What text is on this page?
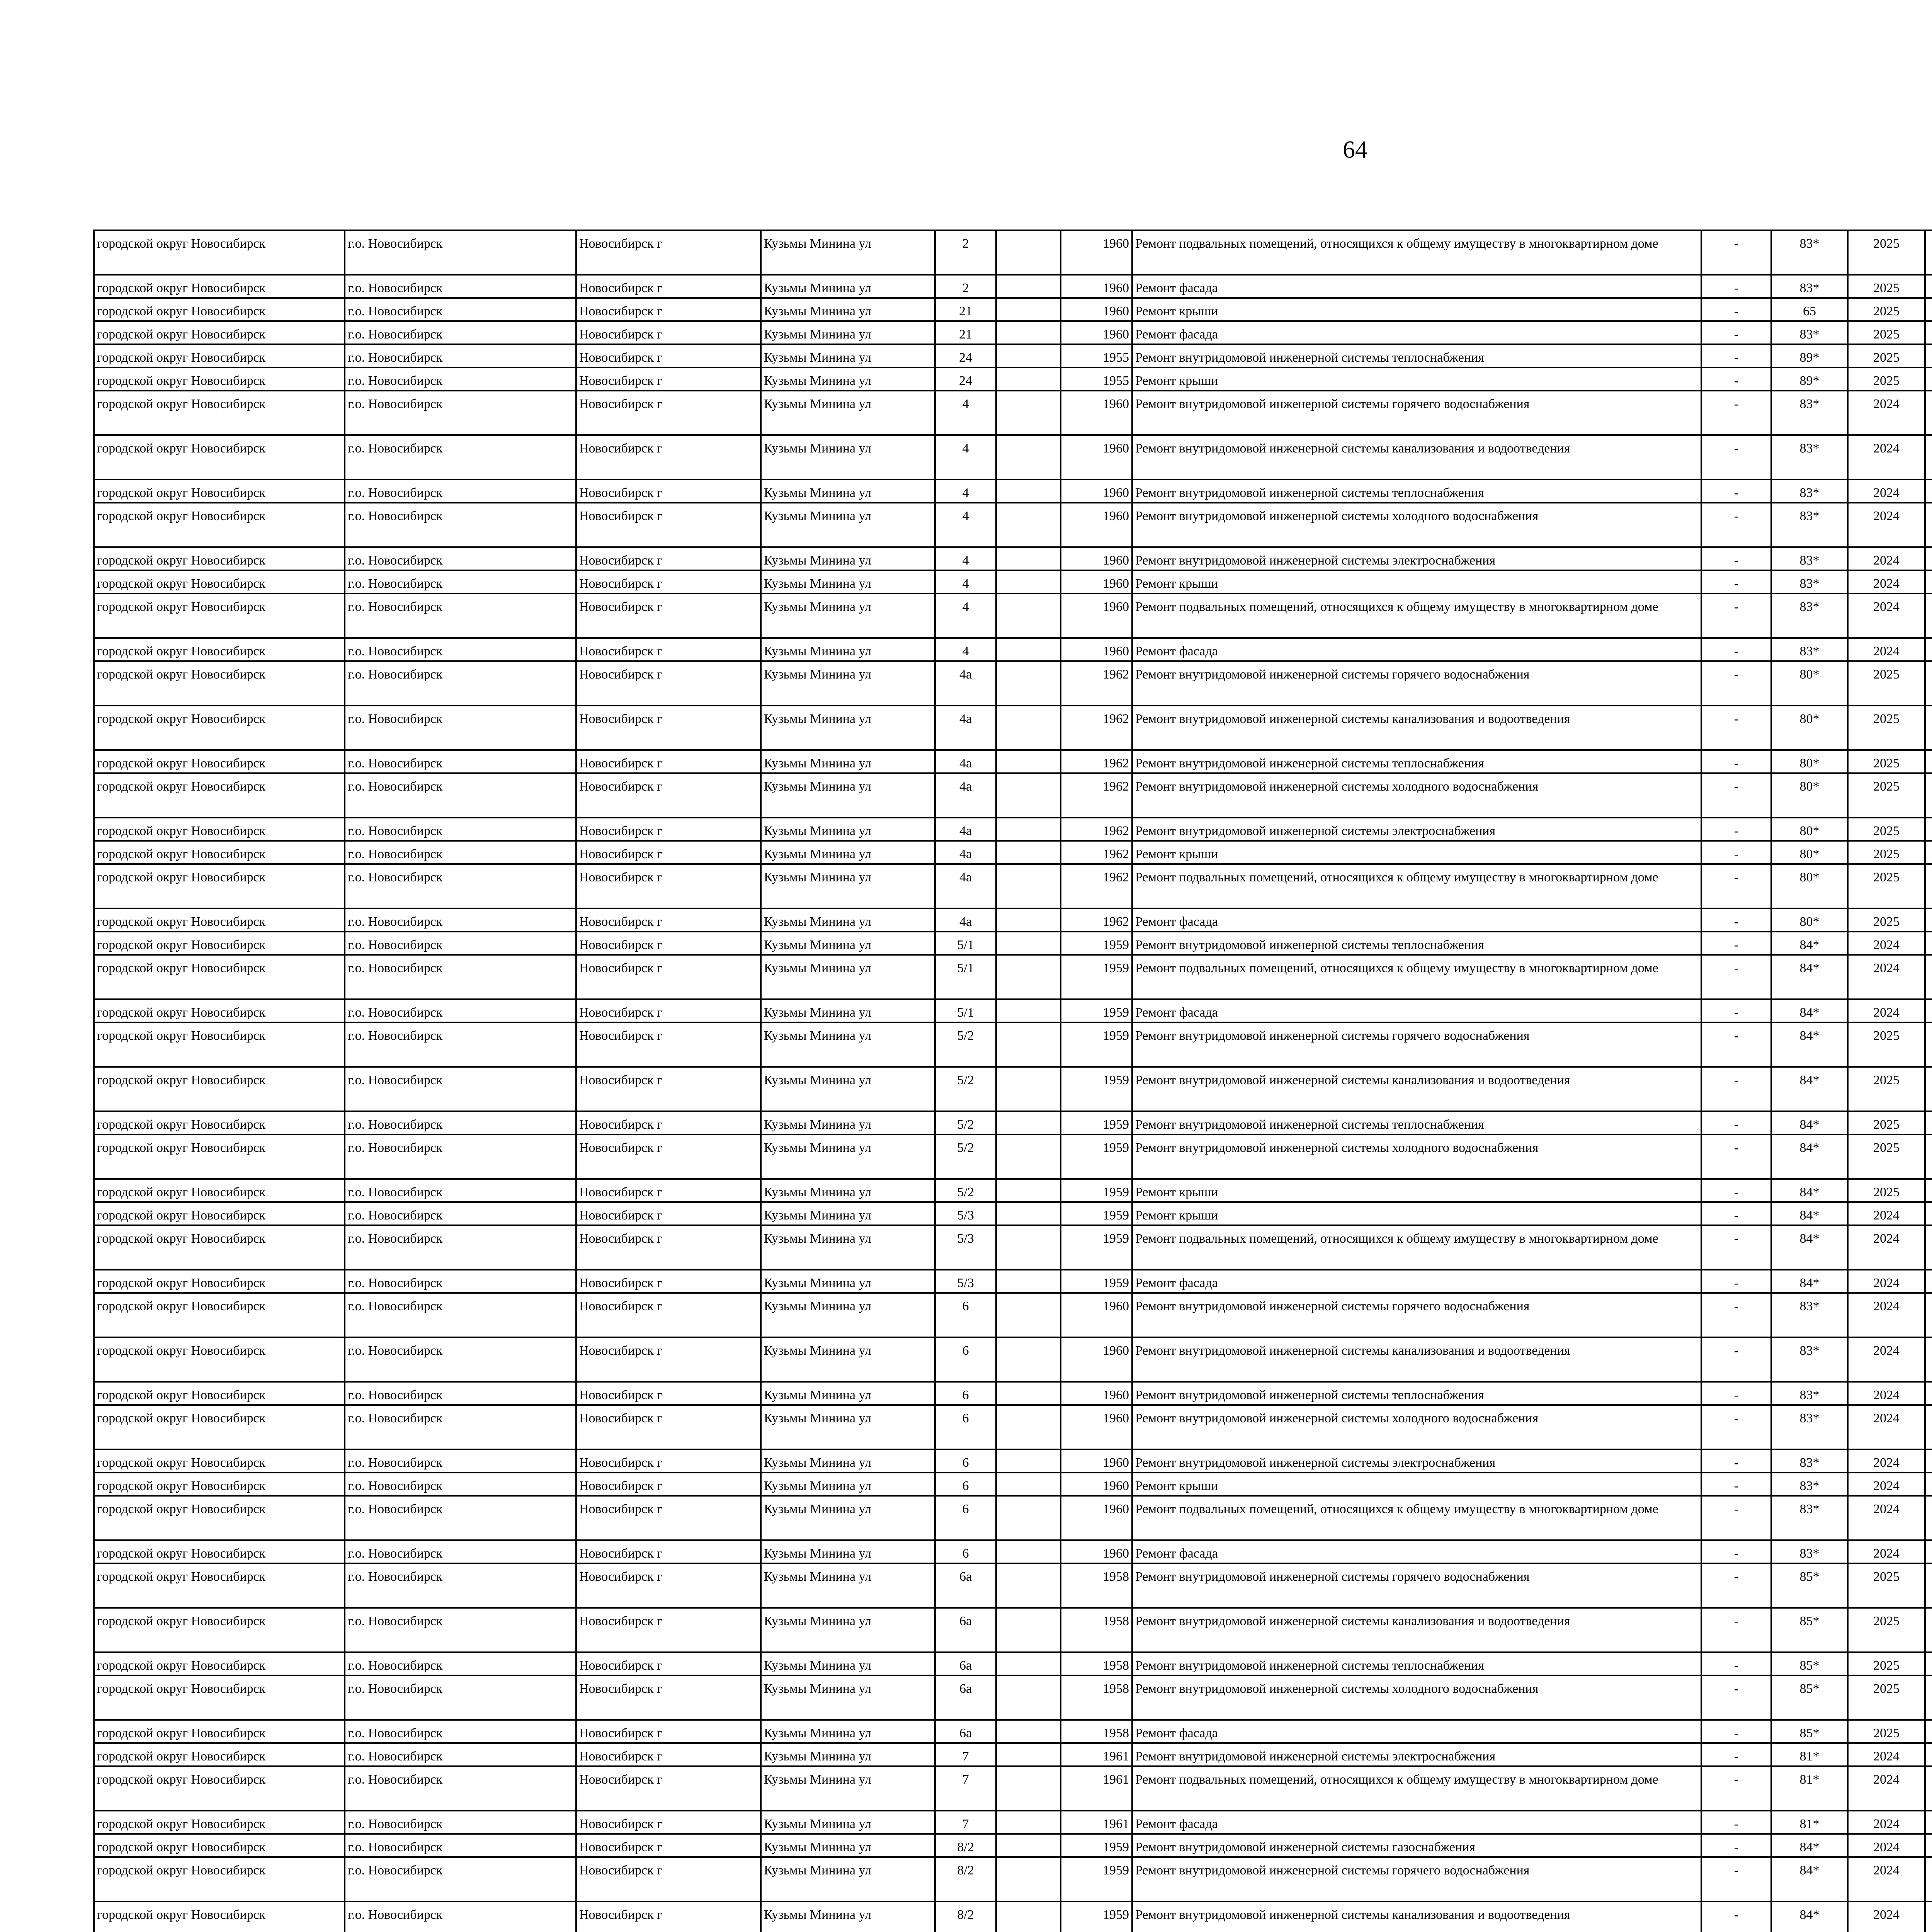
64
городской округ Новосибирск	г.о. Новосибирск	Новосибирск г	Кузьмы Минина ул	2		1960	Ремонт подвальных помещений, относящихся к общему имуществу в многоквартирном доме	-	83*	2025								
городской округ Новосибирск	г.о. Новосибирск	Новосибирск г	Кузьмы Минина ул	2		1960	Ремонт фасада	-	83*	2025								
городской округ Новосибирск	г.о. Новосибирск	Новосибирск г	Кузьмы Минина ул	21		1960	Ремонт крыши	-	65	2025								
городской округ Новосибирск	г.о. Новосибирск	Новосибирск г	Кузьмы Минина ул	21		1960	Ремонт фасада	-	83*	2025								
городской округ Новосибирск	г.о. Новосибирск	Новосибирск г	Кузьмы Минина ул	24		1955	Ремонт внутридомовой инженерной системы теплоснабжения	-	89*	2025								
городской округ Новосибирск	г.о. Новосибирск	Новосибирск г	Кузьмы Минина ул	24		1955	Ремонт крыши	-	89*	2025								
городской округ Новосибирск	г.о. Новосибирск	Новосибирск г	Кузьмы Минина ул	4		1960	Ремонт внутридомовой инженерной системы горячего водоснабжения	-	83*	2024								
городской округ Новосибирск	г.о. Новосибирск	Новосибирск г	Кузьмы Минина ул	4		1960	Ремонт внутридомовой инженерной системы канализования и водоотведения	-	83*	2024								
городской округ Новосибирск	г.о. Новосибирск	Новосибирск г	Кузьмы Минина ул	4		1960	Ремонт внутридомовой инженерной системы теплоснабжения	-	83*	2024								
городской округ Новосибирск	г.о. Новосибирск	Новосибирск г	Кузьмы Минина ул	4		1960	Ремонт внутридомовой инженерной системы холодного водоснабжения	-	83*	2024								
городской округ Новосибирск	г.о. Новосибирск	Новосибирск г	Кузьмы Минина ул	4		1960	Ремонт внутридомовой инженерной системы электроснабжения	-	83*	2024								
городской округ Новосибирск	г.о. Новосибирск	Новосибирск г	Кузьмы Минина ул	4		1960	Ремонт крыши	-	83*	2024								
городской округ Новосибирск	г.о. Новосибирск	Новосибирск г	Кузьмы Минина ул	4		1960	Ремонт подвальных помещений, относящихся к общему имуществу в многоквартирном доме	-	83*	2024								
городской округ Новосибирск	г.о. Новосибирск	Новосибирск г	Кузьмы Минина ул	4		1960	Ремонт фасада	-	83*	2024								
городской округ Новосибирск	г.о. Новосибирск	Новосибирск г	Кузьмы Минина ул	4а		1962	Ремонт внутридомовой инженерной системы горячего водоснабжения	-	80*	2025								
городской округ Новосибирск	г.о. Новосибирск	Новосибирск г	Кузьмы Минина ул	4а		1962	Ремонт внутридомовой инженерной системы канализования и водоотведения	-	80*	2025								
городской округ Новосибирск	г.о. Новосибирск	Новосибирск г	Кузьмы Минина ул	4а		1962	Ремонт внутридомовой инженерной системы теплоснабжения	-	80*	2025								
городской округ Новосибирск	г.о. Новосибирск	Новосибирск г	Кузьмы Минина ул	4а		1962	Ремонт внутридомовой инженерной системы холодного водоснабжения	-	80*	2025								
городской округ Новосибирск	г.о. Новосибирск	Новосибирск г	Кузьмы Минина ул	4а		1962	Ремонт внутридомовой инженерной системы электроснабжения	-	80*	2025								
городской округ Новосибирск	г.о. Новосибирск	Новосибирск г	Кузьмы Минина ул	4а		1962	Ремонт крыши	-	80*	2025								
городской округ Новосибирск	г.о. Новосибирск	Новосибирск г	Кузьмы Минина ул	4а		1962	Ремонт подвальных помещений, относящихся к общему имуществу в многоквартирном доме	-	80*	2025								
городской округ Новосибирск	г.о. Новосибирск	Новосибирск г	Кузьмы Минина ул	4а		1962	Ремонт фасада	-	80*	2025								
городской округ Новосибирск	г.о. Новосибирск	Новосибирск г	Кузьмы Минина ул	5/1		1959	Ремонт внутридомовой инженерной системы теплоснабжения	-	84*	2024								
городской округ Новосибирск	г.о. Новосибирск	Новосибирск г	Кузьмы Минина ул	5/1		1959	Ремонт подвальных помещений, относящихся к общему имуществу в многоквартирном доме	-	84*	2024								
городской округ Новосибирск	г.о. Новосибирск	Новосибирск г	Кузьмы Минина ул	5/1		1959	Ремонт фасада	-	84*	2024								
городской округ Новосибирск	г.о. Новосибирск	Новосибирск г	Кузьмы Минина ул	5/2		1959	Ремонт внутридомовой инженерной системы горячего водоснабжения	-	84*	2025								
городской округ Новосибирск	г.о. Новосибирск	Новосибирск г	Кузьмы Минина ул	5/2		1959	Ремонт внутридомовой инженерной системы канализования и водоотведения	-	84*	2025								
городской округ Новосибирск	г.о. Новосибирск	Новосибирск г	Кузьмы Минина ул	5/2		1959	Ремонт внутридомовой инженерной системы теплоснабжения	-	84*	2025								
городской округ Новосибирск	г.о. Новосибирск	Новосибирск г	Кузьмы Минина ул	5/2		1959	Ремонт внутридомовой инженерной системы холодного водоснабжения	-	84*	2025								
городской округ Новосибирск	г.о. Новосибирск	Новосибирск г	Кузьмы Минина ул	5/2		1959	Ремонт крыши	-	84*	2025								
городской округ Новосибирск	г.о. Новосибирск	Новосибирск г	Кузьмы Минина ул	5/3		1959	Ремонт крыши	-	84*	2024								
городской округ Новосибирск	г.о. Новосибирск	Новосибирск г	Кузьмы Минина ул	5/3		1959	Ремонт подвальных помещений, относящихся к общему имуществу в многоквартирном доме	-	84*	2024								
городской округ Новосибирск	г.о. Новосибирск	Новосибирск г	Кузьмы Минина ул	5/3		1959	Ремонт фасада	-	84*	2024								
городской округ Новосибирск	г.о. Новосибирск	Новосибирск г	Кузьмы Минина ул	6		1960	Ремонт внутридомовой инженерной системы горячего водоснабжения	-	83*	2024								
городской округ Новосибирск	г.о. Новосибирск	Новосибирск г	Кузьмы Минина ул	6		1960	Ремонт внутридомовой инженерной системы канализования и водоотведения	-	83*	2024								
городской округ Новосибирск	г.о. Новосибирск	Новосибирск г	Кузьмы Минина ул	6		1960	Ремонт внутридомовой инженерной системы теплоснабжения	-	83*	2024								
городской округ Новосибирск	г.о. Новосибирск	Новосибирск г	Кузьмы Минина ул	6		1960	Ремонт внутридомовой инженерной системы холодного водоснабжения	-	83*	2024								
городской округ Новосибирск	г.о. Новосибирск	Новосибирск г	Кузьмы Минина ул	6		1960	Ремонт внутридомовой инженерной системы электроснабжения	-	83*	2024								
городской округ Новосибирск	г.о. Новосибирск	Новосибирск г	Кузьмы Минина ул	6		1960	Ремонт крыши	-	83*	2024								
городской округ Новосибирск	г.о. Новосибирск	Новосибирск г	Кузьмы Минина ул	6		1960	Ремонт подвальных помещений, относящихся к общему имуществу в многоквартирном доме	-	83*	2024								
городской округ Новосибирск	г.о. Новосибирск	Новосибирск г	Кузьмы Минина ул	6		1960	Ремонт фасада	-	83*	2024								
городской округ Новосибирск	г.о. Новосибирск	Новосибирск г	Кузьмы Минина ул	6а		1958	Ремонт внутридомовой инженерной системы горячего водоснабжения	-	85*	2025								
городской округ Новосибирск	г.о. Новосибирск	Новосибирск г	Кузьмы Минина ул	6а		1958	Ремонт внутридомовой инженерной системы канализования и водоотведения	-	85*	2025								
городской округ Новосибирск	г.о. Новосибирск	Новосибирск г	Кузьмы Минина ул	6а		1958	Ремонт внутридомовой инженерной системы теплоснабжения	-	85*	2025								
городской округ Новосибирск	г.о. Новосибирск	Новосибирск г	Кузьмы Минина ул	6а		1958	Ремонт внутридомовой инженерной системы холодного водоснабжения	-	85*	2025								
городской округ Новосибирск	г.о. Новосибирск	Новосибирск г	Кузьмы Минина ул	6а		1958	Ремонт фасада	-	85*	2025								
городской округ Новосибирск	г.о. Новосибирск	Новосибирск г	Кузьмы Минина ул	7		1961	Ремонт внутридомовой инженерной системы электроснабжения	-	81*	2024								
городской округ Новосибирск	г.о. Новосибирск	Новосибирск г	Кузьмы Минина ул	7		1961	Ремонт подвальных помещений, относящихся к общему имуществу в многоквартирном доме	-	81*	2024								
городской округ Новосибирск	г.о. Новосибирск	Новосибирск г	Кузьмы Минина ул	7		1961	Ремонт фасада	-	81*	2024								
городской округ Новосибирск	г.о. Новосибирск	Новосибирск г	Кузьмы Минина ул	8/2		1959	Ремонт внутридомовой инженерной системы газоснабжения	-	84*	2024								
городской округ Новосибирск	г.о. Новосибирск	Новосибирск г	Кузьмы Минина ул	8/2		1959	Ремонт внутридомовой инженерной системы горячего водоснабжения	-	84*	2024								
городской округ Новосибирск	г.о. Новосибирск	Новосибирск г	Кузьмы Минина ул	8/2		1959	Ремонт внутридомовой инженерной системы канализования и водоотведения	-	84*	2024								
